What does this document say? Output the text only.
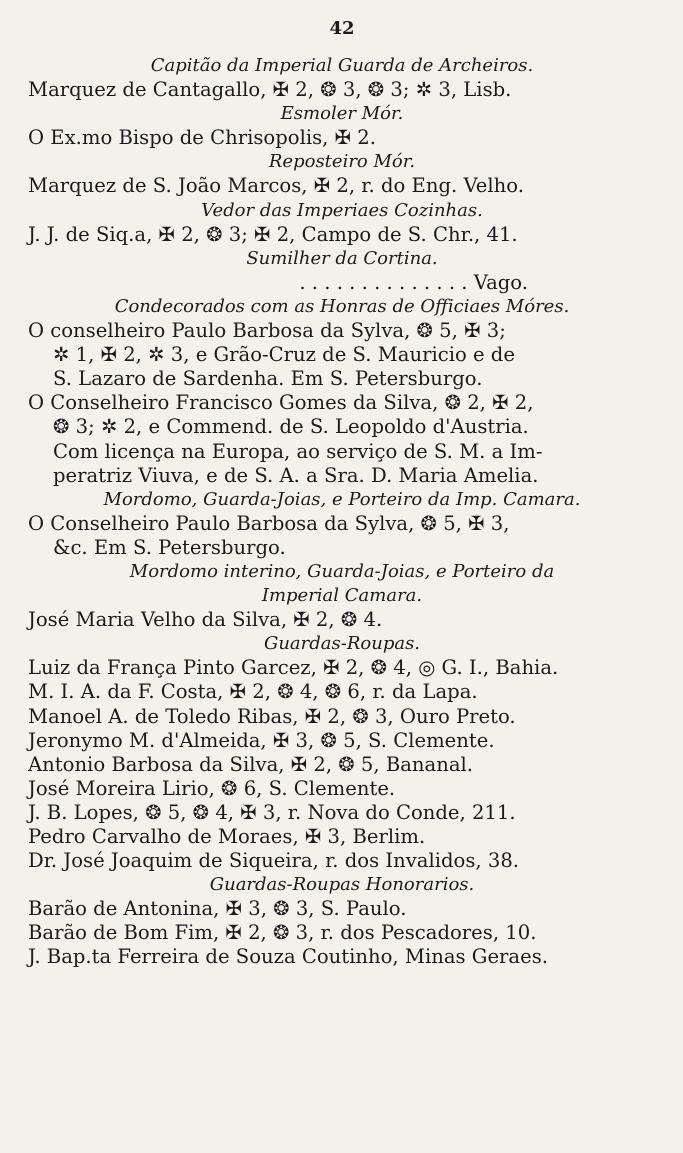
42
Capitão da Imperial Guarda de Archeiros.
Marquez de Cantagallo, ✠ 2, ❂ 3, ❂ 3; ✲ 3, Lisb.
Esmoler Mór.
O Ex.mo Bispo de Chrisopolis, ✠ 2.
Reposteiro Mór.
Marquez de S. João Marcos, ✠ 2, r. do Eng. Velho.
Vedor das Imperiaes Cozinhas.
J. J. de Siq.a, ✠ 2, ❂ 3; ✠ 2, Campo de S. Chr., 41.
Sumilher da Cortina.
. . . . . . . . . . . . . . Vago.
Condecorados com as Honras de Officiaes Móres.
O conselheiro Paulo Barbosa da Sylva, ❂ 5, ✠ 3;
✲ 1, ✠ 2, ✲ 3, e Grão-Cruz de S. Mauricio e de
S. Lazaro de Sardenha. Em S. Petersburgo.
O Conselheiro Francisco Gomes da Silva, ❂ 2, ✠ 2,
❂ 3; ✲ 2, e Commend. de S. Leopoldo d'Austria.
Com licença na Europa, ao serviço de S. M. a Im-
peratriz Viuva, e de S. A. a Sra. D. Maria Amelia.
Mordomo, Guarda-Joias, e Porteiro da Imp. Camara.
O Conselheiro Paulo Barbosa da Sylva, ❂ 5, ✠ 3,
&c. Em S. Petersburgo.
Mordomo interino, Guarda-Joias, e Porteiro da
Imperial Camara.
José Maria Velho da Silva, ✠ 2, ❂ 4.
Guardas-Roupas.
Luiz da França Pinto Garcez, ✠ 2, ❂ 4, ◎ G. I., Bahia.
M. I. A. da F. Costa, ✠ 2, ❂ 4, ❂ 6, r. da Lapa.
Manoel A. de Toledo Ribas, ✠ 2, ❂ 3, Ouro Preto.
Jeronymo M. d'Almeida, ✠ 3, ❂ 5, S. Clemente.
Antonio Barbosa da Silva, ✠ 2, ❂ 5, Bananal.
José Moreira Lirio, ❂ 6, S. Clemente.
J. B. Lopes, ❂ 5, ❂ 4, ✠ 3, r. Nova do Conde, 211.
Pedro Carvalho de Moraes, ✠ 3, Berlim.
Dr. José Joaquim de Siqueira, r. dos Invalidos, 38.
Guardas-Roupas Honorarios.
Barão de Antonina, ✠ 3, ❂ 3, S. Paulo.
Barão de Bom Fim, ✠ 2, ❂ 3, r. dos Pescadores, 10.
J. Bap.ta Ferreira de Souza Coutinho, Minas Geraes.
